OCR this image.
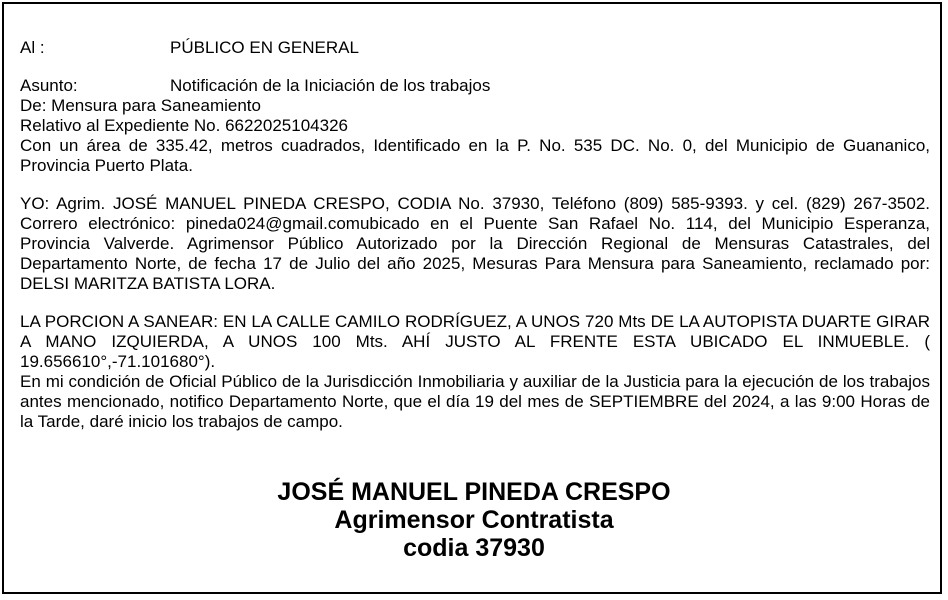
Al :	PÚBLICO EN GENERAL
Asunto:	Notificación de la Iniciación de los trabajos
De: Mensura para Saneamiento
Relativo al Expediente No. 6622025104326
Con un área de 335.42, metros cuadrados, Identificado en la P. No. 535 DC. No. 0, del Municipio de Guananico, Provincia Puerto Plata.
YO: Agrim. JOSÉ MANUEL PINEDA CRESPO, CODIA No. 37930, Teléfono (809) 585-9393. y cel. (829) 267-3502. Correro electrónico: pineda024@gmail.comubicado en el Puente San Rafael No. 114, del Municipio Esperanza, Provincia Valverde. Agrimensor Público Autorizado por la Dirección Regional de Mensuras Catastrales, del Departamento Norte, de fecha 17 de Julio del año 2025, Mesuras Para Mensura para Saneamiento, reclamado por: DELSI MARITZA BATISTA LORA.
LA PORCION A SANEAR: EN LA CALLE CAMILO RODRÍGUEZ, A UNOS 720 Mts DE LA AUTOPISTA DUARTE GIRAR A MANO IZQUIERDA, A UNOS 100 Mts. AHÍ JUSTO AL FRENTE ESTA UBICADO EL INMUEBLE. ( 19.656610°,-71.101680°).
En mi condición de Oficial Público de la Jurisdicción Inmobiliaria y auxiliar de la Justicia para la ejecución de los trabajos antes mencionado, notifico Departamento Norte, que el día 19 del mes de SEPTIEMBRE del 2024, a las 9:00 Horas de la Tarde, daré inicio los trabajos de campo.
JOSÉ MANUEL PINEDA CRESPO
Agrimensor Contratista
codia 37930
